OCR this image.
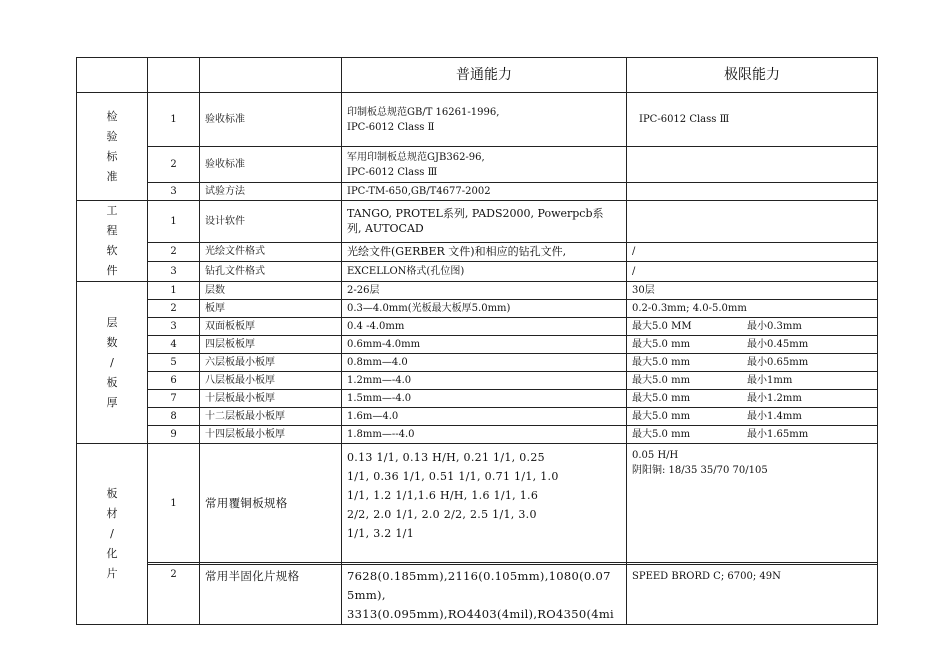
			普通能力	极限能力
检
验
标
准	1	验收标准	印制板总规范GB/T 16261-1996,
IPC-6012 Class Ⅱ	IPC-6012 Class Ⅲ
	2	验收标准	军用印制板总规范GJB362-96,
IPC-6012 Class Ⅲ	
	3	试验方法	IPC-TM-650,GB/T4677-2002	
工
程
软
件	1	设计软件	TANGO, PROTEL系列, PADS2000, Powerpcb系
列, AUTOCAD	
	2	光绘文件格式	光绘文件(GERBER 文件)和相应的钻孔文件,	/
	3	钻孔文件格式	EXCELLON格式(孔位图)	/
层
数
/
板
厚	1	层数	2-26层	30层
	2	板厚	0.3—4.0mm(光板最大板厚5.0mm)	0.2-0.3mm; 4.0-5.0mm
	3	双面板板厚	0.4 -4.0mm	最大5.0 MM 最小0.3mm
	4	四层板板厚	0.6mm-4.0mm	最大5.0 mm 最小0.45mm
	5	六层板最小板厚	0.8mm—4.0	最大5.0 mm 最小0.65mm
	6	八层板最小板厚	1.2mm—-4.0	最大5.0 mm 最小1mm
	7	十层板最小板厚	1.5mm—-4.0	最大5.0 mm 最小1.2mm
	8	十二层板最小板厚	1.6m—4.0	最大5.0 mm 最小1.4mm
	9	十四层板最小板厚	1.8mm—--4.0	最大5.0 mm 最小1.65mm
板
材
/
化
片	1	常用覆铜板规格	0.13 1/1, 0.13 H/H, 0.21 1/1, 0.25
1/1, 0.36 1/1, 0.51 1/1, 0.71 1/1, 1.0
1/1, 1.2 1/1,1.6 H/H, 1.6 1/1, 1.6
2/2, 2.0 1/1, 2.0 2/2, 2.5 1/1, 3.0
1/1, 3.2 1/1	0.05 H/H
阴阳铜: 18/35 35/70 70/105

	2	常用半固化片规格	7628(0.185mm),2116(0.105mm),1080(0.07
5mm),
3313(0.095mm),RO4403(4mil),RO4350(4mi	SPEED BRORD C; 6700; 49N
